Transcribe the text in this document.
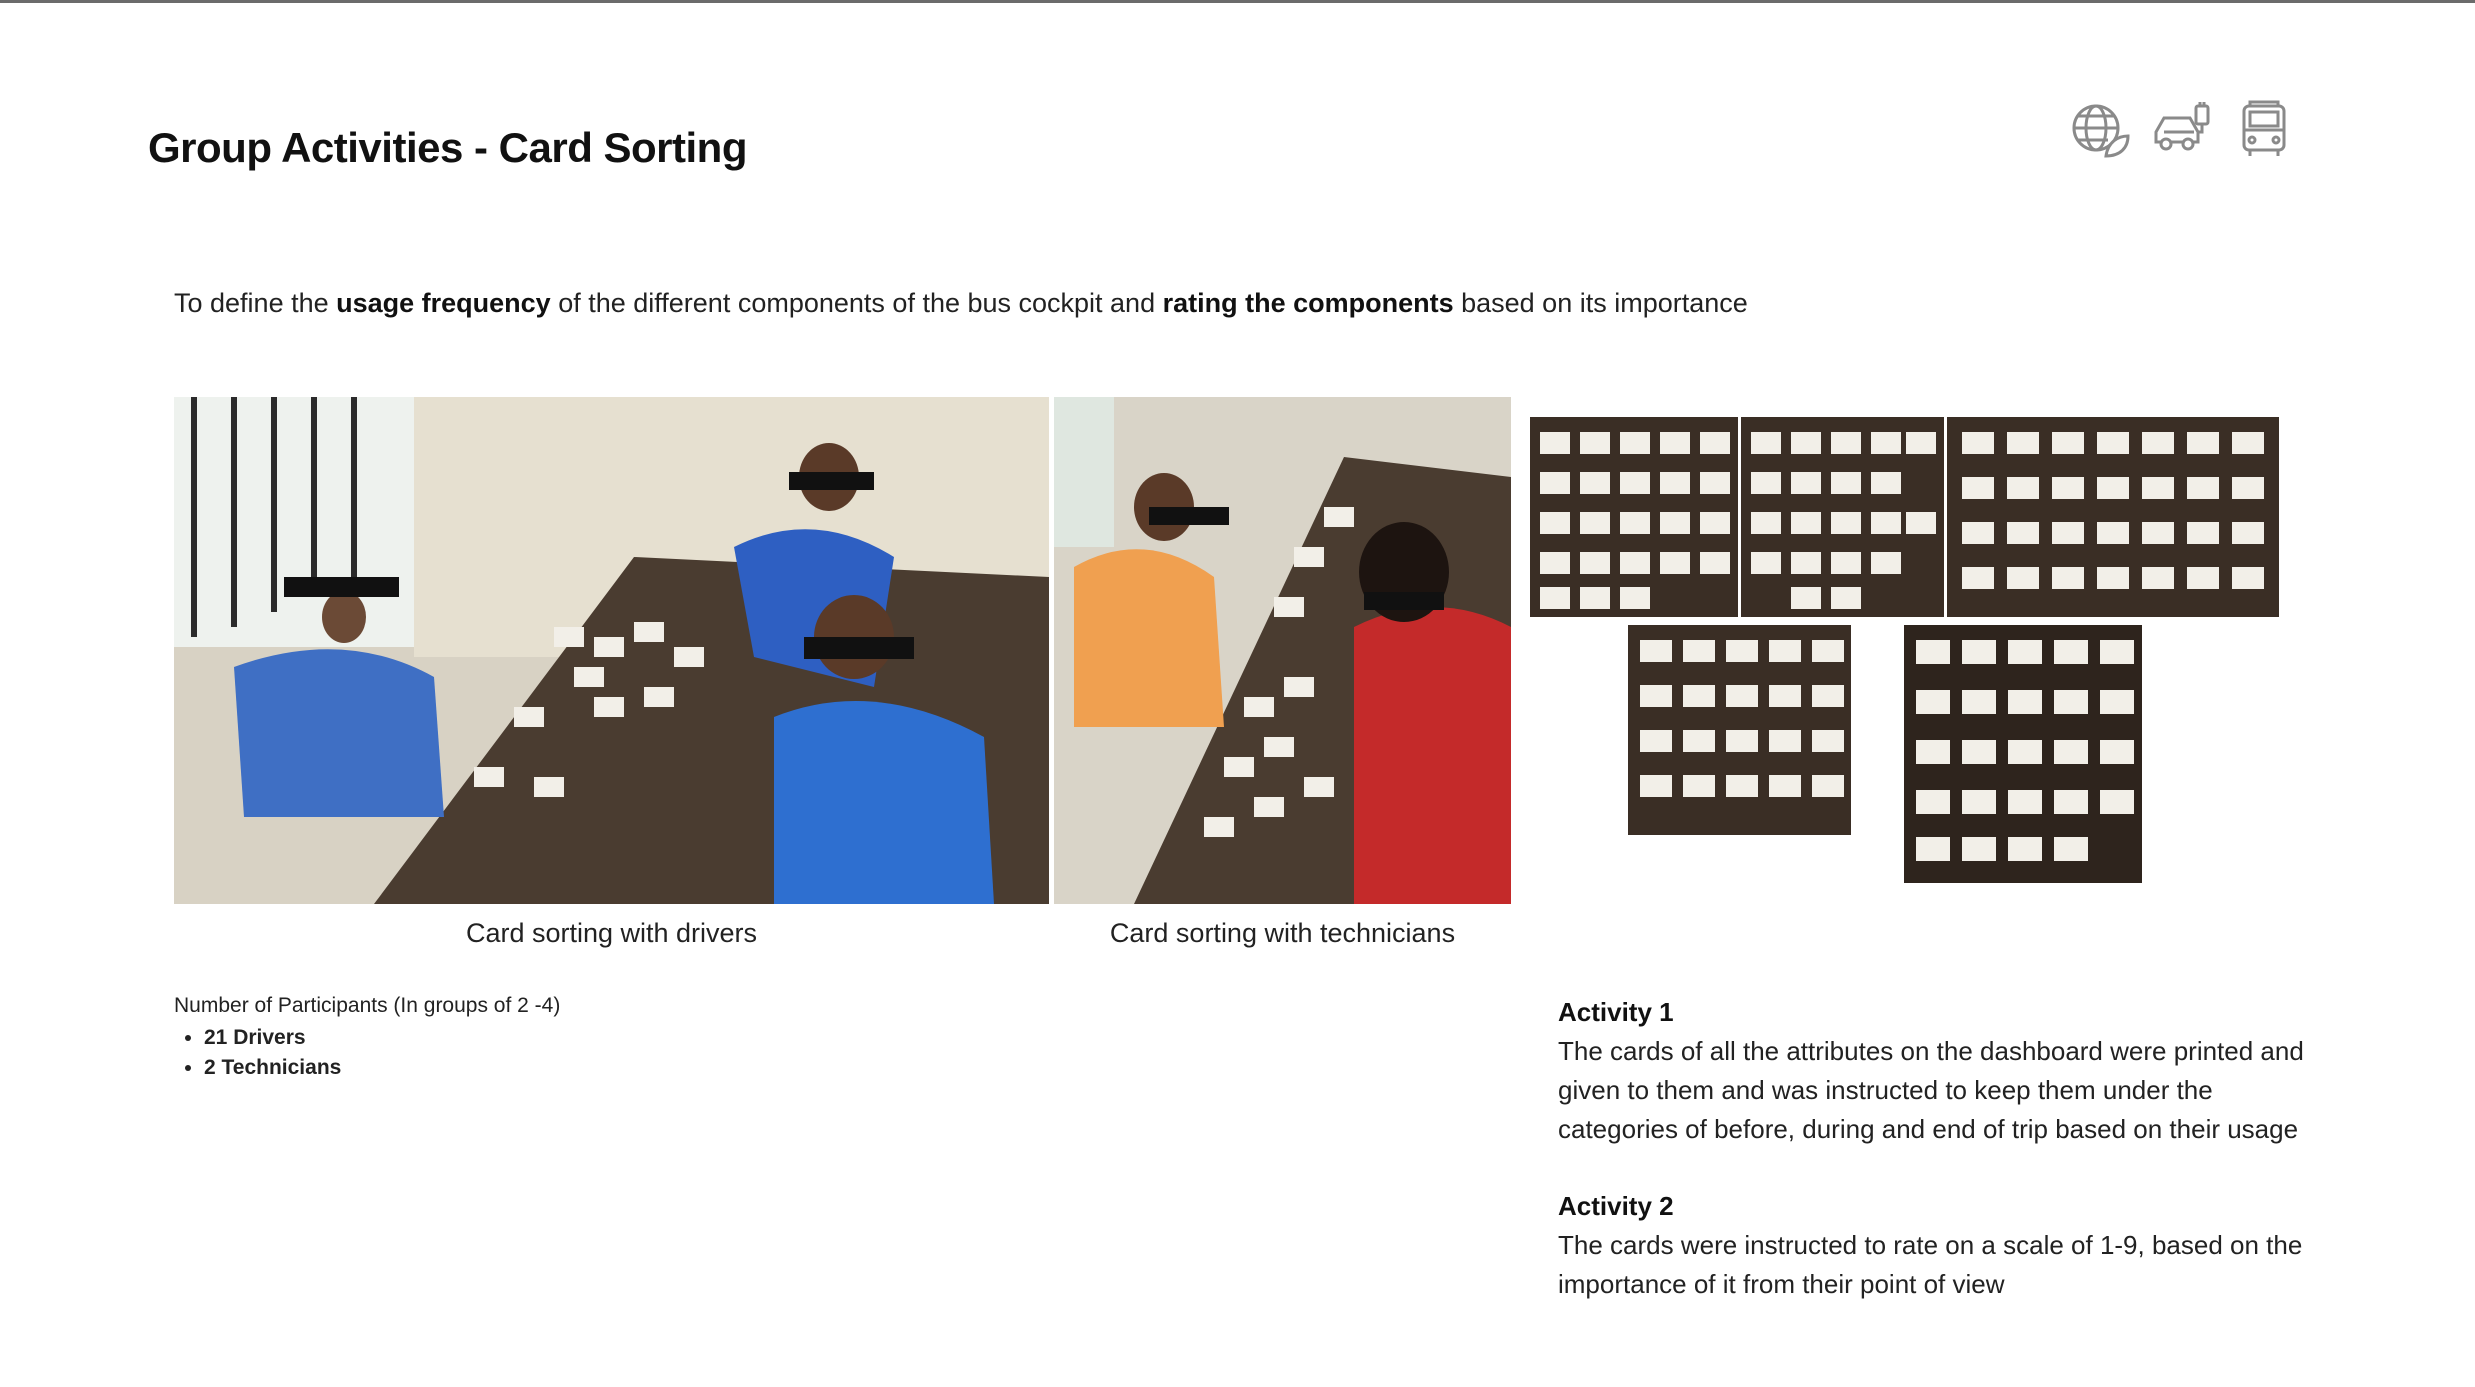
Group Activities - Card Sorting
To define the usage frequency of the different components of the bus cockpit and rating the components based on its importance
Card sorting with drivers	Card sorting with technicians
Number of Participants (In groups of 2 -4)
• 21 Drivers
• 2 Technicians
Activity 1
The cards of all the attributes on the dashboard were printed and given to them and was instructed to keep them under the categories of before, during and end of trip based on their usage
Activity 2
The cards were instructed to rate on a scale of 1-9, based on the importance of it from their point of view
